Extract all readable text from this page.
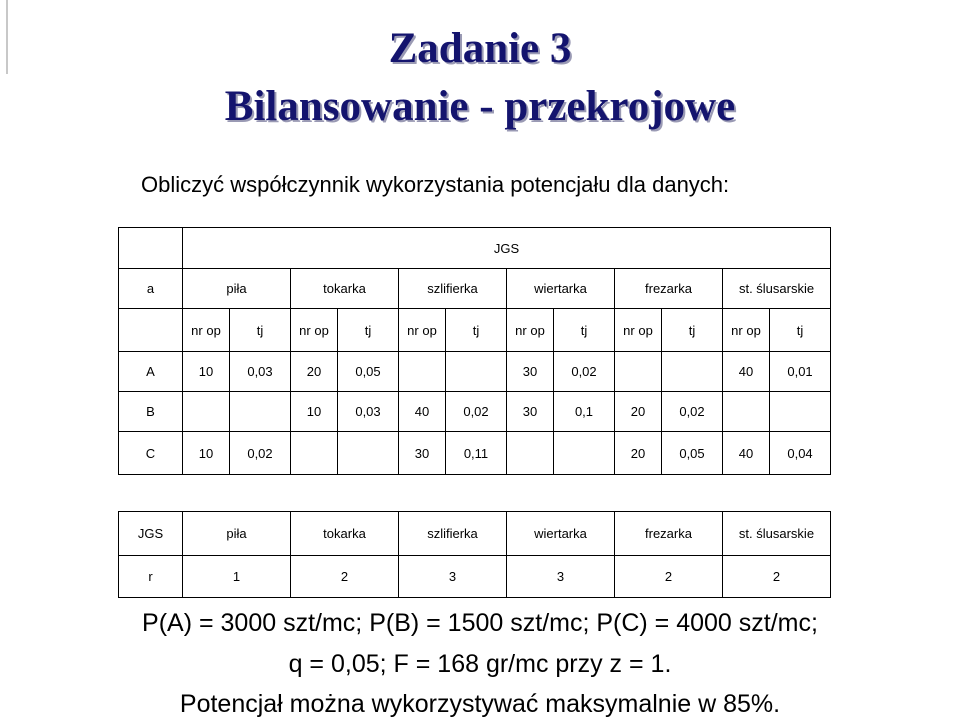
Zadanie 3
Bilansowanie - przekrojowe
Obliczyć współczynnik wykorzystania potencjału dla danych:
	JGS											
a	piła		tokarka		szlifierka		wiertarka		frezarka		st. ślusarskie	
	nr op	tj	nr op	tj	nr op	tj	nr op	tj	nr op	tj	nr op	tj
A	10	0,03	20	0,05			30	0,02			40	0,01
B			10	0,03	40	0,02	30	0,1	20	0,02		
C	10	0,02			30	0,11			20	0,05	40	0,04
JGS	piła	tokarka	szlifierka	wiertarka	frezarka	st. ślusarskie
r	1	2	3	3	2	2

P(A) = 3000 szt/mc; P(B) = 1500 szt/mc; P(C) = 4000 szt/mc;

q = 0,05; F = 168 gr/mc przy z = 1.

Potencjał można wykorzystywać maksymalnie w 85%.
